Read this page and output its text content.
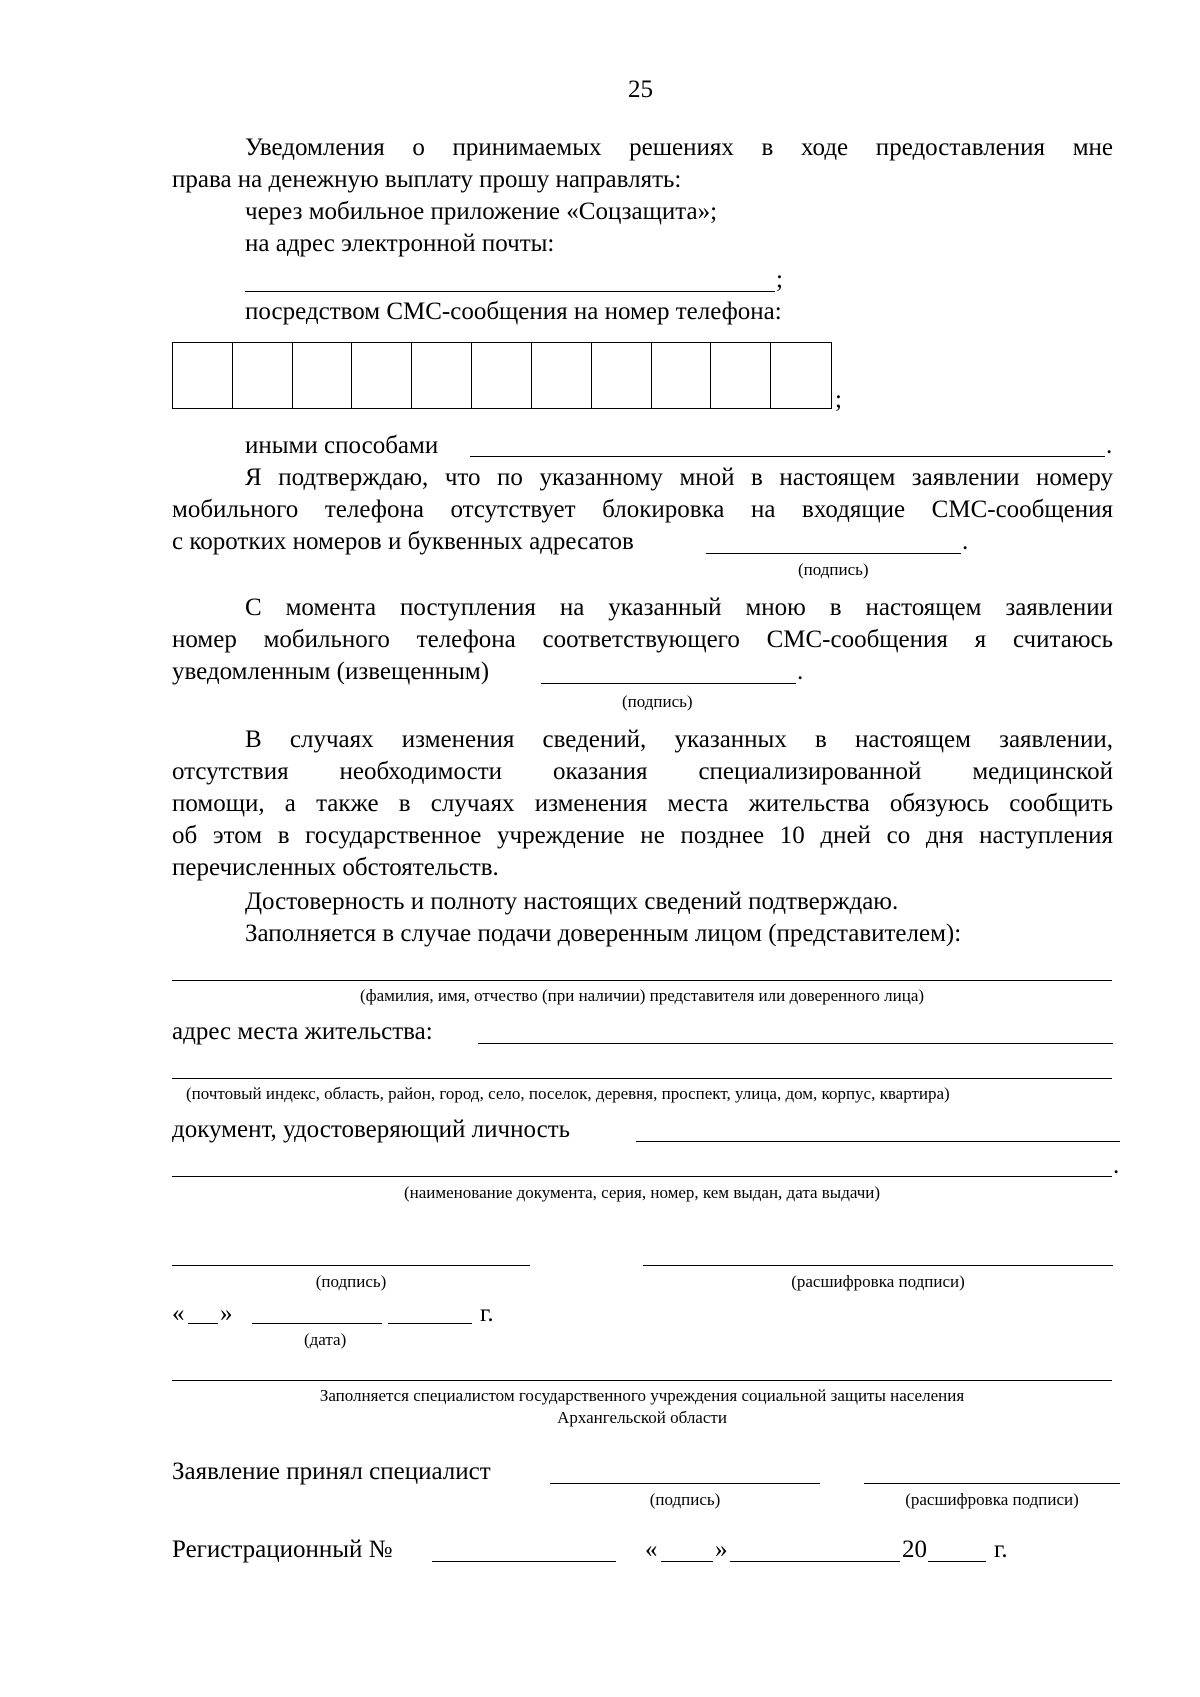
25
Уведомления о принимаемых решениях в ходе предоставления мне
права на денежную выплату прошу направлять:
через мобильное приложение «Соцзащита»;
на адрес электронной почты:
;
посредством СМС-сообщения на номер телефона:
;
иными способами	.
Я подтверждаю, что по указанному мной в настоящем заявлении номеру
мобильного телефона отсутствует блокировка на входящие СМС-сообщения
с коротких номеров и буквенных адресатов	.
(подпись)
С момента поступления на указанный мною в настоящем заявлении
номер мобильного телефона соответствующего СМС-сообщения я считаюсь
уведомленным (извещенным)	.
(подпись)
В случаях изменения сведений, указанных в настоящем заявлении,
отсутствия необходимости оказания специализированной медицинской
помощи, а также в случаях изменения места жительства обязуюсь сообщить
об этом в государственное учреждение не позднее 10 дней со дня наступления
перечисленных обстоятельств.
Достоверность и полноту настоящих сведений подтверждаю.
Заполняется в случае подачи доверенным лицом (представителем):
(фамилия, имя, отчество (при наличии) представителя или доверенного лица)
адрес места жительства:
(почтовый индекс, область, район, город, село, поселок, деревня, проспект, улица, дом, корпус, квартира)
документ, удостоверяющий личность
.
(наименование документа, серия, номер, кем выдан, дата выдачи)
(подпись)	(расшифровка подписи)
« »	г.
(дата)
Заполняется специалистом государственного учреждения социальной защиты населения
Архангельской области
Заявление принял специалист
(подпись)	(расшифровка подписи)
Регистрационный №	« »	20	г.
